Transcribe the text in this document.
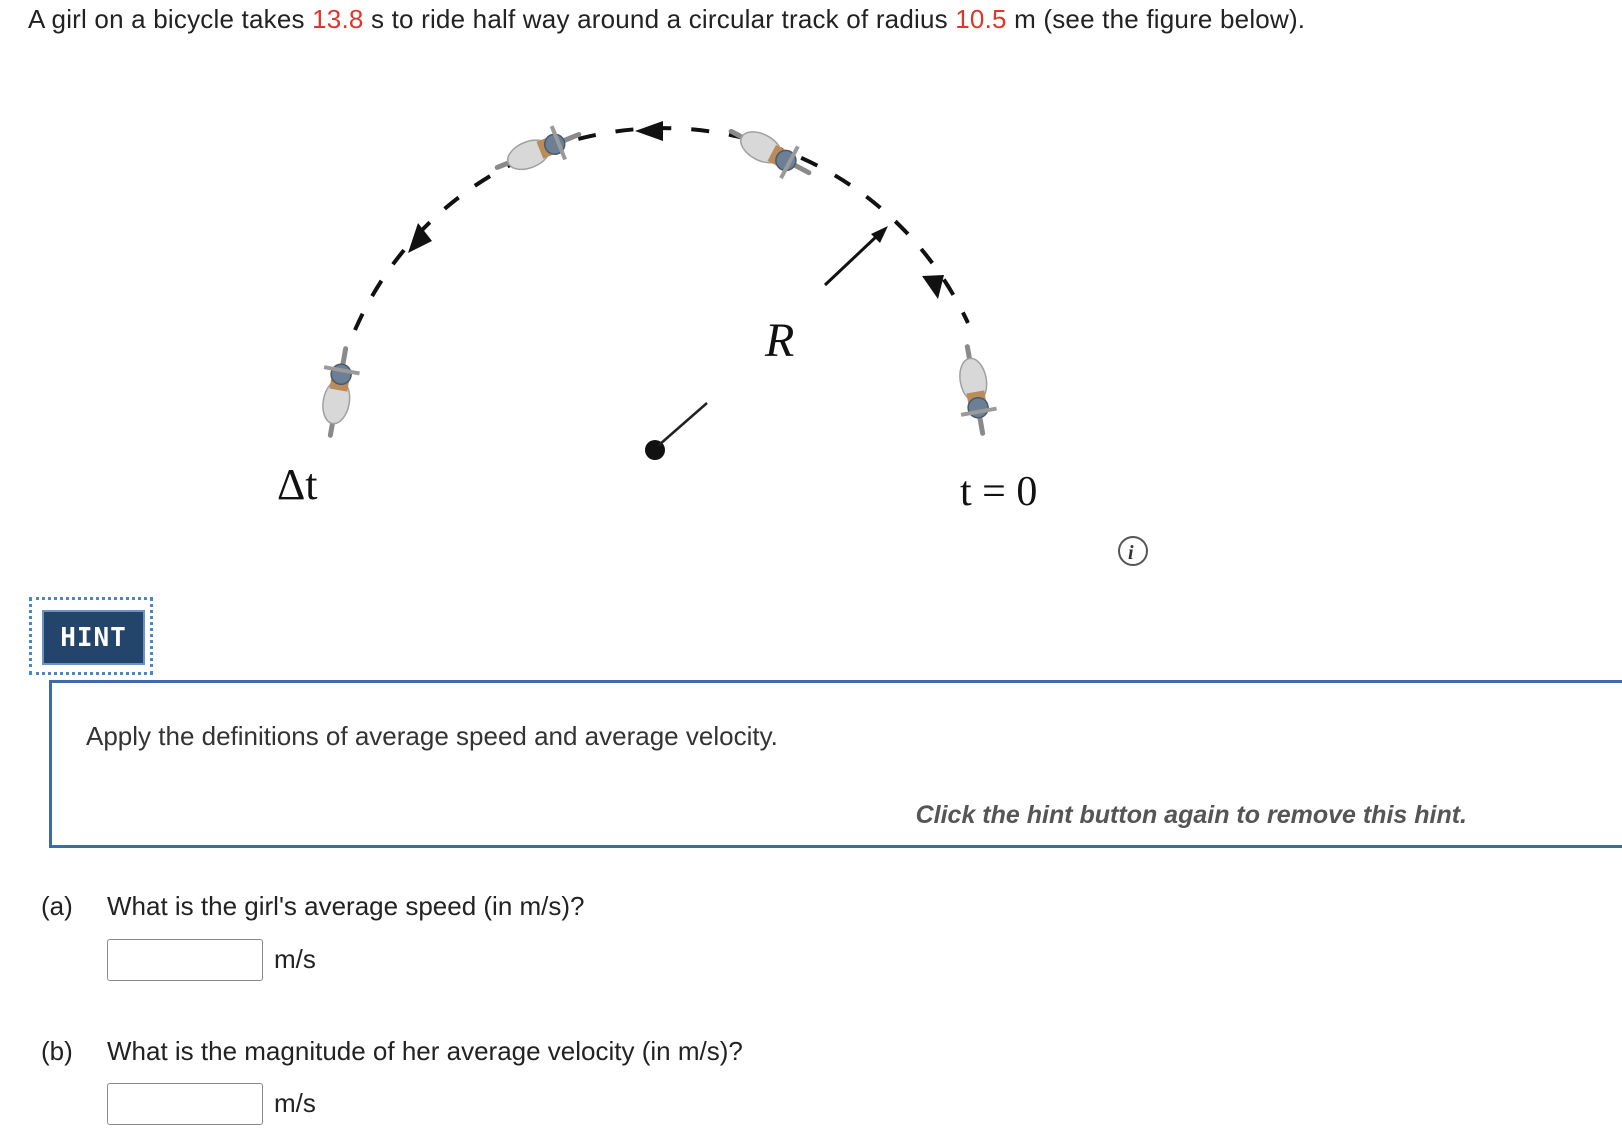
A girl on a bicycle takes 13.8 s to ride half way around a circular track of radius 10.5 m (see the figure below).
R
Δt	t = 0
i
HINT
Apply the definitions of average speed and average velocity.
Click the hint button again to remove this hint.
(a) What is the girl's average speed (in m/s)?
m/s
(b) What is the magnitude of her average velocity (in m/s)?
m/s
